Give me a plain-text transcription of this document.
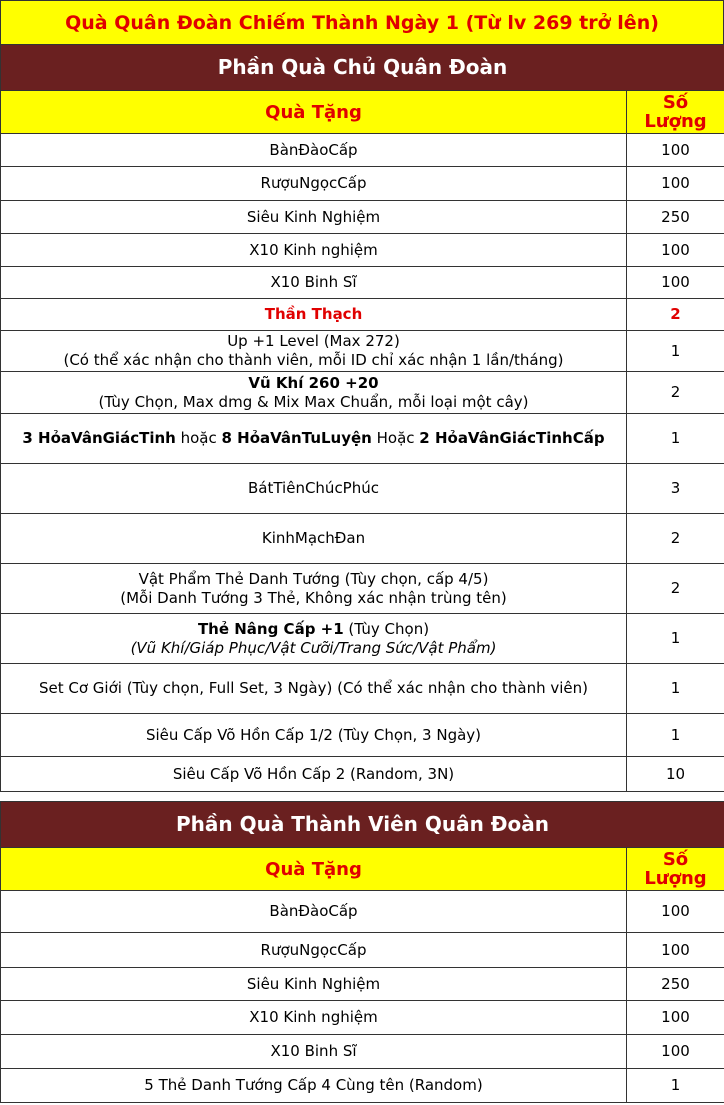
Quà Quân Đoàn Chiếm Thành Ngày 1 (Từ lv 269 trở lên)
Phần Quà Chủ Quân Đoàn	
Quà Tặng	Số Lượng
BànĐàoCấp	100
RượuNgọcCấp	100
Siêu Kinh Nghiệm	250
X10 Kinh nghiệm	100
X10 Binh Sĩ	100
Thần Thạch	2

Up +1 Level (Max 272)
(Có thể xác nhận cho thành viên, mỗi ID chỉ xác nhận 1 lần/tháng)	1

Vũ Khí 260 +20
(Tùy Chọn, Max dmg & Mix Max Chuẩn, mỗi loại một cây)	2
3 HỏaVânGiácTinh hoặc 8 HỏaVânTuLuyện Hoặc 2 HỏaVânGiácTinhCấp	1
BátTiênChúcPhúc	3
KinhMạchĐan	2

Vật Phẩm Thẻ Danh Tướng (Tùy chọn, cấp 4/5)
(Mỗi Danh Tướng 3 Thẻ, Không xác nhận trùng tên)	2

Thẻ Nâng Cấp +1 (Tùy Chọn)
(Vũ Khí/Giáp Phục/Vật Cưỡi/Trang Sức/Vật Phẩm)	1
Set Cơ Giới (Tùy chọn, Full Set, 3 Ngày) (Có thể xác nhận cho thành viên)	1
Siêu Cấp Võ Hồn Cấp 1/2 (Tùy Chọn, 3 Ngày)	1
Siêu Cấp Võ Hồn Cấp 2 (Random, 3N)	10
Phần Quà Thành Viên Quân Đoàn	
Quà Tặng	Số Lượng
BànĐàoCấp	100
RượuNgọcCấp	100
Siêu Kinh Nghiệm	250
X10 Kinh nghiệm	100
X10 Binh Sĩ	100
5 Thẻ Danh Tướng Cấp 4 Cùng tên (Random)	1
